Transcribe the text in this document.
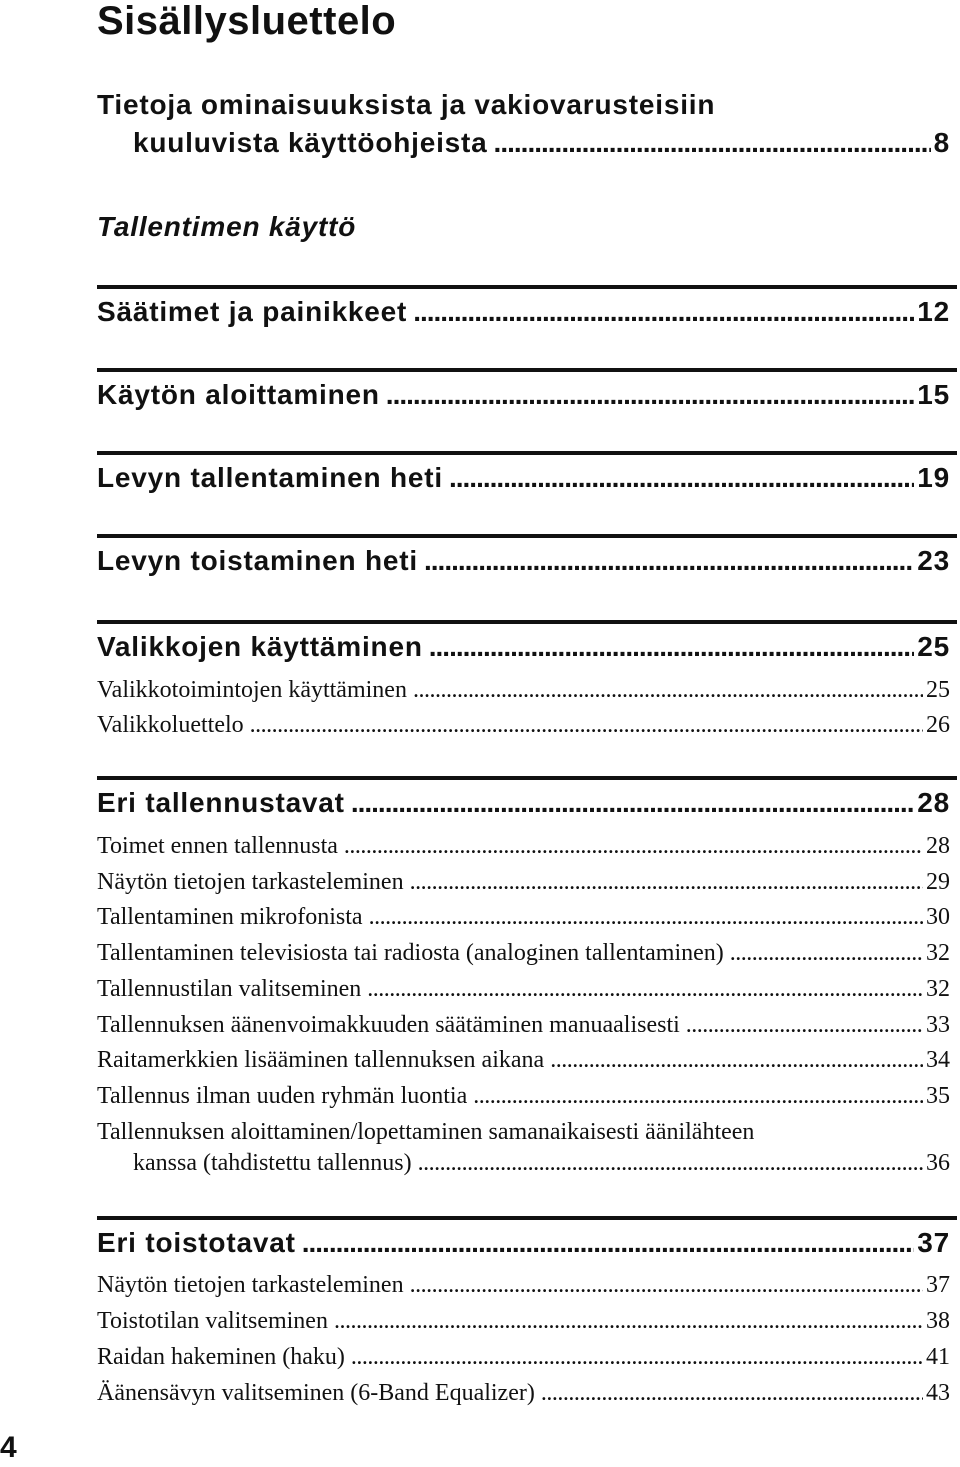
Sisällysluettelo
Tietoja ominaisuuksista ja vakiovarusteisiin
kuuluvista käyttöohjeista .....	8
Tallentimen käyttö
Säätimet ja painikkeet .....	12
Käytön aloittaminen .....	15
Levyn tallentaminen heti .....	19
Levyn toistaminen heti .....	23
Valikkojen käyttäminen .....	25
Valikkotoimintojen käyttäminen .....	25
Valikkoluettelo .....	26
Eri tallennustavat .....	28
Toimet ennen tallennusta .....	28
Näytön tietojen tarkasteleminen .....	29
Tallentaminen mikrofonista .....	30
Tallentaminen televisiosta tai radiosta (analoginen tallentaminen) .....	32
Tallennustilan valitseminen .....	32
Tallennuksen äänenvoimakkuuden säätäminen manuaalisesti .....	33
Raitamerkkien lisääminen tallennuksen aikana .....	34
Tallennus ilman uuden ryhmän luontia .....	35
Tallennuksen aloittaminen/lopettaminen samanaikaisesti äänilähteen
kanssa (tahdistettu tallennus) .....	36
Eri toistotavat .....	37
Näytön tietojen tarkasteleminen .....	37
Toistotilan valitseminen .....	38
Raidan hakeminen (haku) .....	41
Äänensävyn valitseminen (6-Band Equalizer) .....	43
4
